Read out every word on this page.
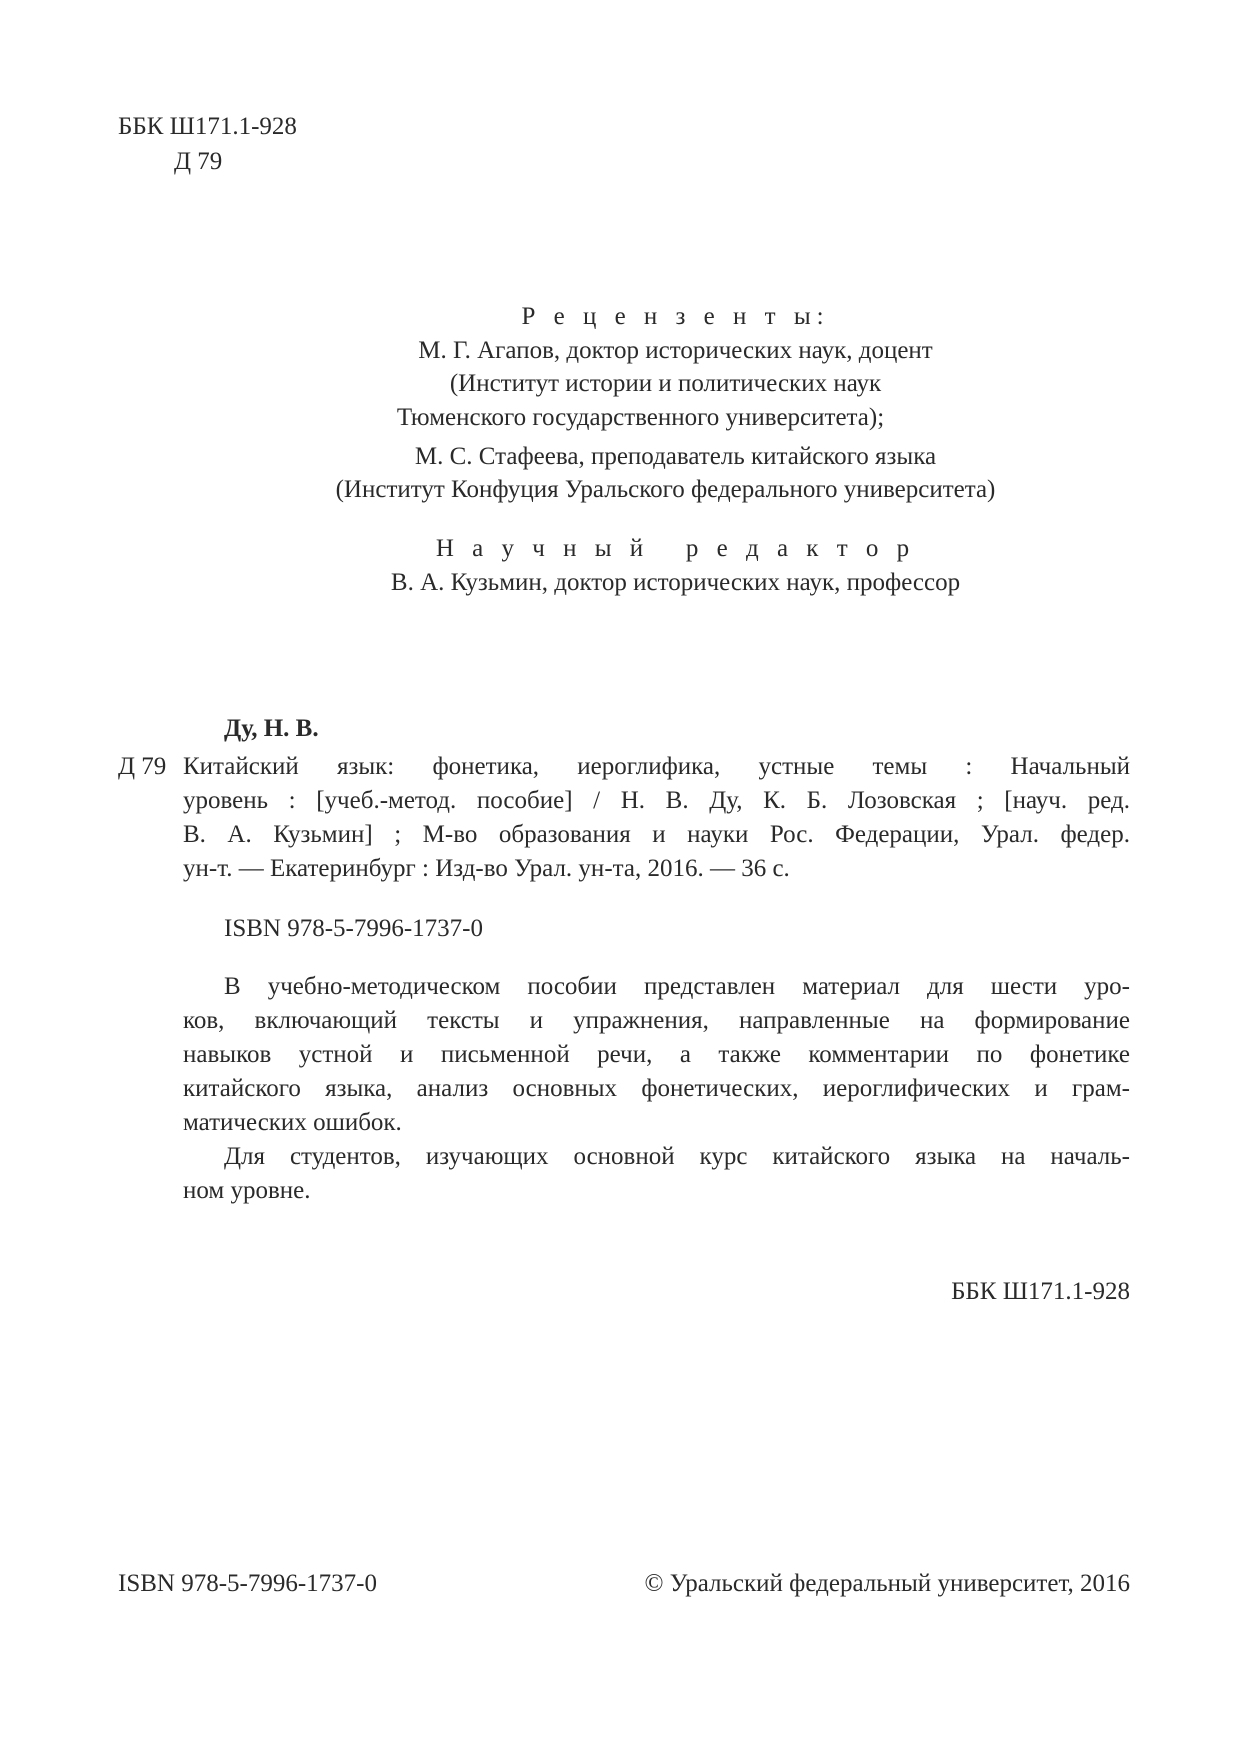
ББК Ш171.1-928
Д 79
Р е ц е н з е н т ы:
М. Г. Агапов, доктор исторических наук, доцент
(Институт истории и политических наук
Тюменского государственного университета);
М. С. Стафеева, преподаватель китайского языка
(Институт Конфуция Уральского федерального университета)
Н а у ч н ы й   р е д а к т о р
В. А. Кузьмин, доктор исторических наук, профессор
Ду, Н. В.
Д 79 Китайский язык: фонетика, иероглифика, устные темы : Начальный
уровень : [учеб.-метод. пособие] / Н. В. Ду, К. Б. Лозовская ; [науч. ред.
В. А. Кузьмин] ; М-во образования и науки Рос. Федерации, Урал. федер.
ун-т. — Екатеринбург : Изд-во Урал. ун-та, 2016. — 36 с.
ISBN 978-5-7996-1737-0
В учебно-методическом пособии представлен материал для шести уро-
ков, включающий тексты и упражнения, направленные на формирование
навыков устной и письменной речи, а также комментарии по фонетике
китайского языка, анализ основных фонетических, иероглифических и грам-
матических ошибок.
Для студентов, изучающих основной курс китайского языка на началь-
ном уровне.
ББК Ш171.1-928
ISBN 978-5-7996-1737-0	© Уральский федеральный университет, 2016
